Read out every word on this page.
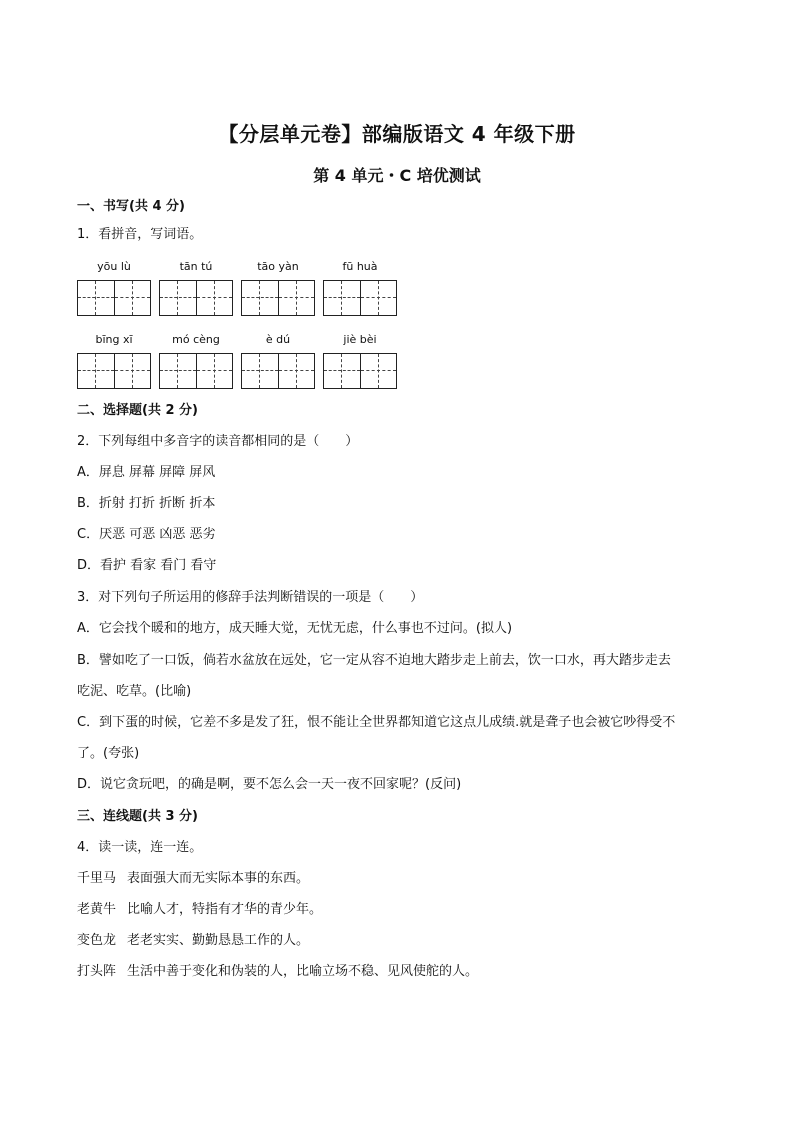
【分层单元卷】部编版语文 4 年级下册
第 4 单元・C 培优测试
一、书写(共 4 分)
1．看拼音，写词语。
yōu lù	tān tú	tāo yàn	fū huà
bīng xī	mó cèng	è dú	jiè bèi
二、选择题(共 2 分)
2．下列每组中多音字的读音都相同的是（　　）
A．屏息 屏幕 屏障 屏风
B．折射 打折 折断 折本
C．厌恶 可恶 凶恶 恶劣
D．看护 看家 看门 看守
3．对下列句子所运用的修辞手法判断错误的一项是（　　）
A．它会找个暖和的地方，成天睡大觉，无忧无虑，什么事也不过问。(拟人)
B．譬如吃了一口饭，倘若水盆放在远处，它一定从容不迫地大踏步走上前去，饮一口水，再大踏步走去
吃泥、吃草。(比喻)
C．到下蛋的时候，它差不多是发了狂，恨不能让全世界都知道它这点儿成绩.就是聋子也会被它吵得受不
了。(夸张)
D．说它贪玩吧，的确是啊，要不怎么会一天一夜不回家呢？(反问)
三、连线题(共 3 分)
4．读一读，连一连。
千里马 表面强大而无实际本事的东西。
老黄牛 比喻人才，特指有才华的青少年。
变色龙 老老实实、勤勤恳恳工作的人。
打头阵 生活中善于变化和伪装的人，比喻立场不稳、见风使舵的人。
